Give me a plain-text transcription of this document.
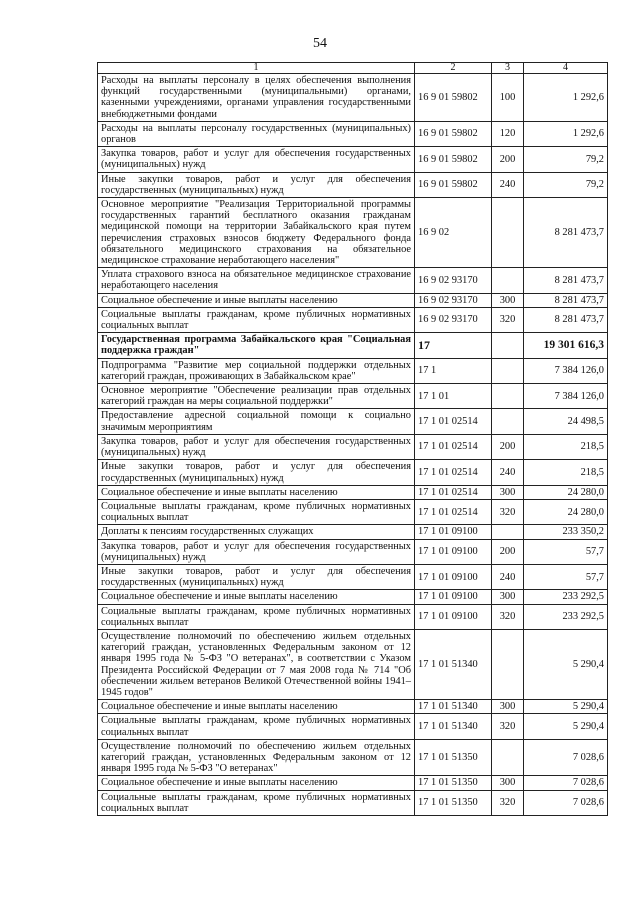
54
1	2	3	4
Расходы на выплаты персоналу в целях обеспечения выполнения функций государственными (муниципальными) органами, казенными учреждениями, органами управления государственными внебюджетными фондами	16 9 01 59802	100	1 292,6
Расходы на выплаты персоналу государственных (муниципальных) органов	16 9 01 59802	120	1 292,6
Закупка товаров, работ и услуг для обеспечения государственных (муниципальных) нужд	16 9 01 59802	200	79,2
Иные закупки товаров, работ и услуг для обеспечения государственных (муниципальных) нужд	16 9 01 59802	240	79,2
Основное мероприятие "Реализация Территориальной программы государственных гарантий бесплатного оказания гражданам медицинской помощи на территории Забайкальского края путем перечисления страховых взносов бюджету Федерального фонда обязательного медицинского страхования на обязательное медицинское страхование неработающего населения"	16 9 02		8 281 473,7
Уплата страхового взноса на обязательное медицинское страхование неработающего населения	16 9 02 93170		8 281 473,7
Социальное обеспечение и иные выплаты населению	16 9 02 93170	300	8 281 473,7
Социальные выплаты гражданам, кроме публичных нормативных социальных выплат	16 9 02 93170	320	8 281 473,7
Государственная программа Забайкальского края "Социальная поддержка граждан"	17		19 301 616,3
Подпрограмма "Развитие мер социальной поддержки отдельных категорий граждан, проживающих в Забайкальском крае"	17 1		7 384 126,0
Основное мероприятие "Обеспечение реализации прав отдельных категорий граждан на меры социальной поддержки"	17 1 01		7 384 126,0
Предоставление адресной социальной помощи к социально значимым мероприятиям	17 1 01 02514		24 498,5
Закупка товаров, работ и услуг для обеспечения государственных (муниципальных) нужд	17 1 01 02514	200	218,5
Иные закупки товаров, работ и услуг для обеспечения государственных (муниципальных) нужд	17 1 01 02514	240	218,5
Социальное обеспечение и иные выплаты населению	17 1 01 02514	300	24 280,0
Социальные выплаты гражданам, кроме публичных нормативных социальных выплат	17 1 01 02514	320	24 280,0
Доплаты к пенсиям государственных служащих	17 1 01 09100		233 350,2
Закупка товаров, работ и услуг для обеспечения государственных (муниципальных) нужд	17 1 01 09100	200	57,7
Иные закупки товаров, работ и услуг для обеспечения государственных (муниципальных) нужд	17 1 01 09100	240	57,7
Социальное обеспечение и иные выплаты населению	17 1 01 09100	300	233 292,5
Социальные выплаты гражданам, кроме публичных нормативных социальных выплат	17 1 01 09100	320	233 292,5
Осуществление полномочий по обеспечению жильем отдельных категорий граждан, установленных Федеральным законом от 12 января 1995 года № 5-ФЗ "О ветеранах", в соответствии с Указом Президента Российской Федерации от 7 мая 2008 года № 714 "Об обеспечении жильем ветеранов Великой Отечественной войны 1941–1945 годов"	17 1 01 51340		5 290,4
Социальное обеспечение и иные выплаты населению	17 1 01 51340	300	5 290,4
Социальные выплаты гражданам, кроме публичных нормативных социальных выплат	17 1 01 51340	320	5 290,4
Осуществление полномочий по обеспечению жильем отдельных категорий граждан, установленных Федеральным законом от 12 января 1995 года № 5-ФЗ "О ветеранах"	17 1 01 51350		7 028,6
Социальное обеспечение и иные выплаты населению	17 1 01 51350	300	7 028,6
Социальные выплаты гражданам, кроме публичных нормативных социальных выплат	17 1 01 51350	320	7 028,6
